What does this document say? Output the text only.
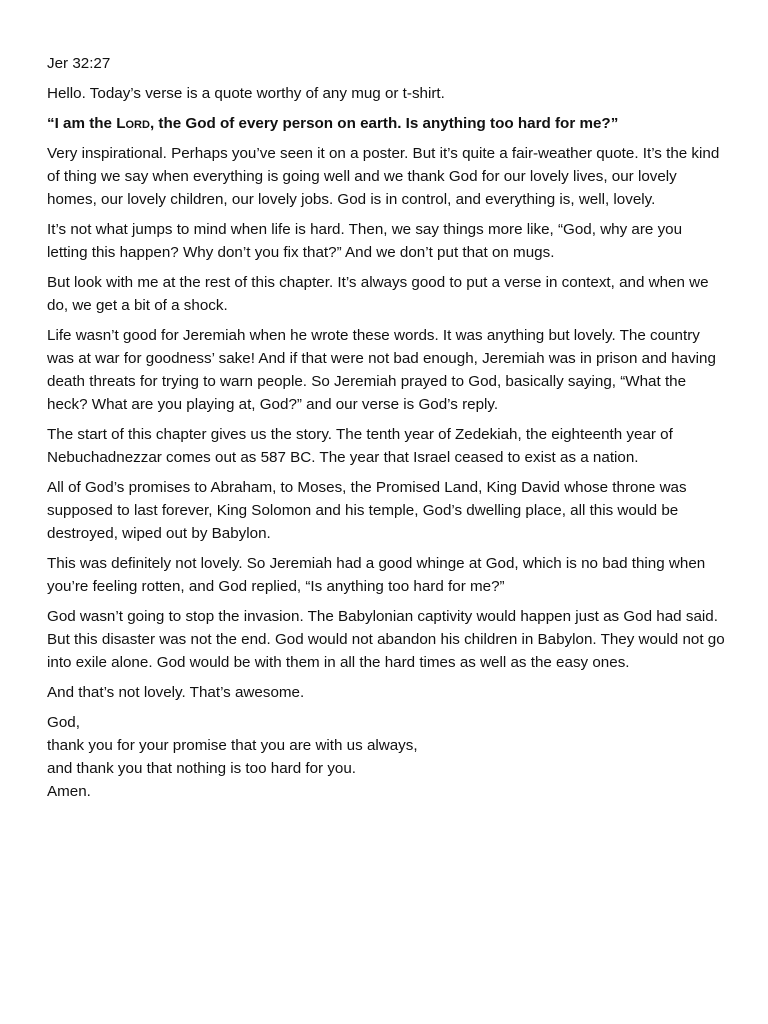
Jer 32:27

Hello. Today’s verse is a quote worthy of any mug or t-shirt.

“I am the Lord, the God of every person on earth. Is anything too hard for me?”

Very inspirational. Perhaps you’ve seen it on a poster. But it’s quite a fair-weather quote. It’s the kind of thing we say when everything is going well and we thank God for our lovely lives, our lovely homes, our lovely children, our lovely jobs. God is in control, and everything is, well, lovely.

It’s not what jumps to mind when life is hard. Then, we say things more like, “God, why are you letting this happen? Why don’t you fix that?” And we don’t put that on mugs.

But look with me at the rest of this chapter. It’s always good to put a verse in context, and when we do, we get a bit of a shock.

Life wasn’t good for Jeremiah when he wrote these words. It was anything but lovely. The country was at war for goodness’ sake! And if that were not bad enough, Jeremiah was in prison and having death threats for trying to warn people. So Jeremiah prayed to God, basically saying, “What the heck? What are you playing at, God?” and our verse is God’s reply.

The start of this chapter gives us the story. The tenth year of Zedekiah, the eighteenth year of Nebuchadnezzar comes out as 587 BC. The year that Israel ceased to exist as a nation.

All of God’s promises to Abraham, to Moses, the Promised Land, King David whose throne was supposed to last forever, King Solomon and his temple, God’s dwelling place, all this would be destroyed, wiped out by Babylon.

This was definitely not lovely. So Jeremiah had a good whinge at God, which is no bad thing when you’re feeling rotten, and God replied, “Is anything too hard for me?”

God wasn’t going to stop the invasion. The Babylonian captivity would happen just as God had said. But this disaster was not the end. God would not abandon his children in Babylon. They would not go into exile alone. God would be with them in all the hard times as well as the easy ones.

And that’s not lovely. That’s awesome.

God,
thank you for your promise that you are with us always,
and thank you that nothing is too hard for you.
Amen.
